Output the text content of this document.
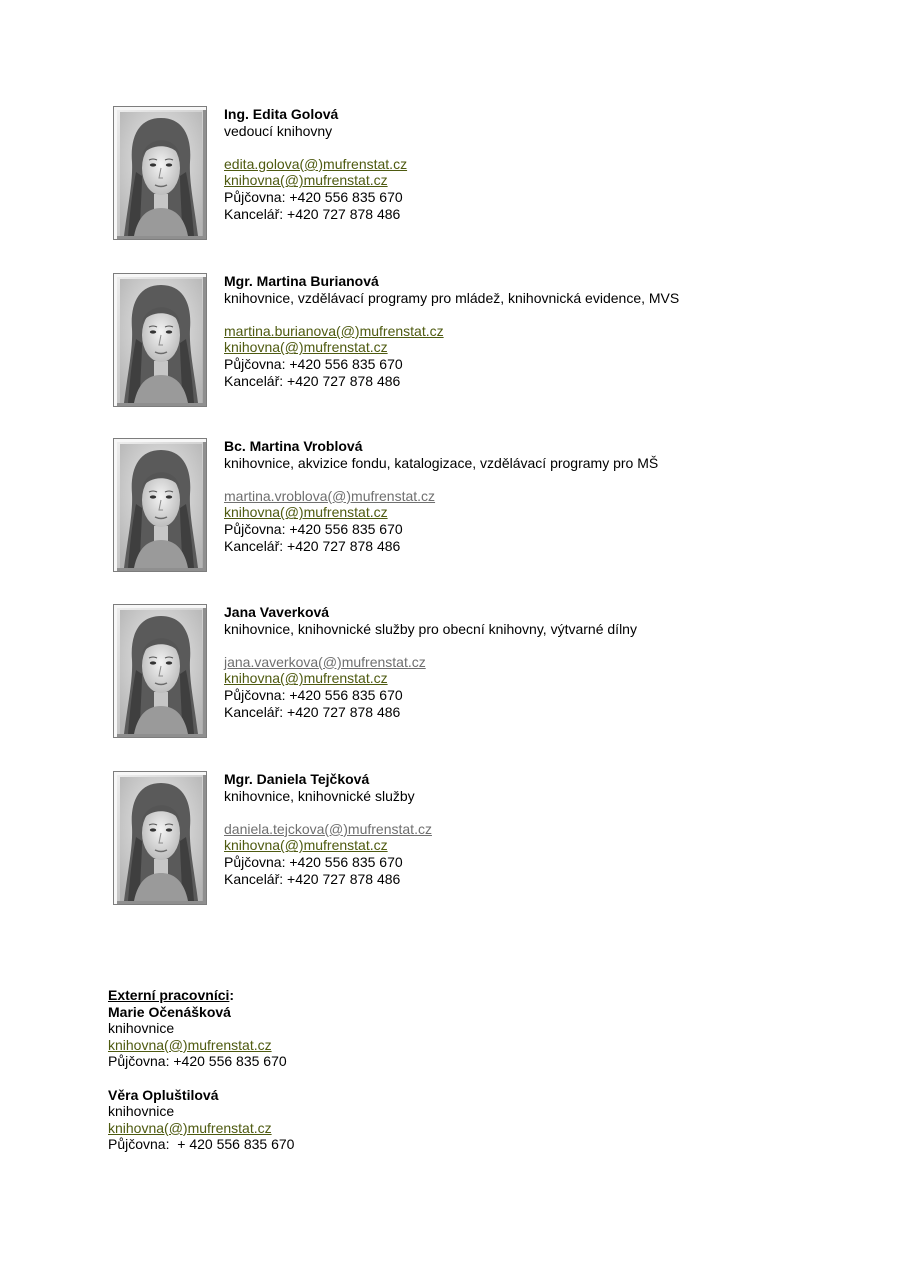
Ing. Edita Golová
vedoucí knihovny
edita.golova(@)mufrenstat.cz
knihovna(@)mufrenstat.cz
Půjčovna: +420 556 835 670
Kancelář: +420 727 878 486
Mgr. Martina Burianová
knihovnice, vzdělávací programy pro mládež, knihovnická evidence, MVS
martina.burianova(@)mufrenstat.cz
knihovna(@)mufrenstat.cz
Půjčovna: +420 556 835 670
Kancelář: +420 727 878 486
Bc. Martina Vroblová
knihovnice, akvizice fondu, katalogizace, vzdělávací programy pro MŠ
martina.vroblova(@)mufrenstat.cz
knihovna(@)mufrenstat.cz
Půjčovna: +420 556 835 670
Kancelář: +420 727 878 486
Jana Vaverková
knihovnice, knihovnické služby pro obecní knihovny, výtvarné dílny
jana.vaverkova(@)mufrenstat.cz
knihovna(@)mufrenstat.cz
Půjčovna: +420 556 835 670
Kancelář: +420 727 878 486
Mgr. Daniela Tejčková
knihovnice, knihovnické služby
daniela.tejckova(@)mufrenstat.cz
knihovna(@)mufrenstat.cz
Půjčovna: +420 556 835 670
Kancelář: +420 727 878 486
Externí pracovníci:
Marie Očenášková
knihovnice
knihovna(@)mufrenstat.cz
Půjčovna: +420 556 835 670
Věra Opluštilová
knihovnice
knihovna(@)mufrenstat.cz
Půjčovna:  + 420 556 835 670
